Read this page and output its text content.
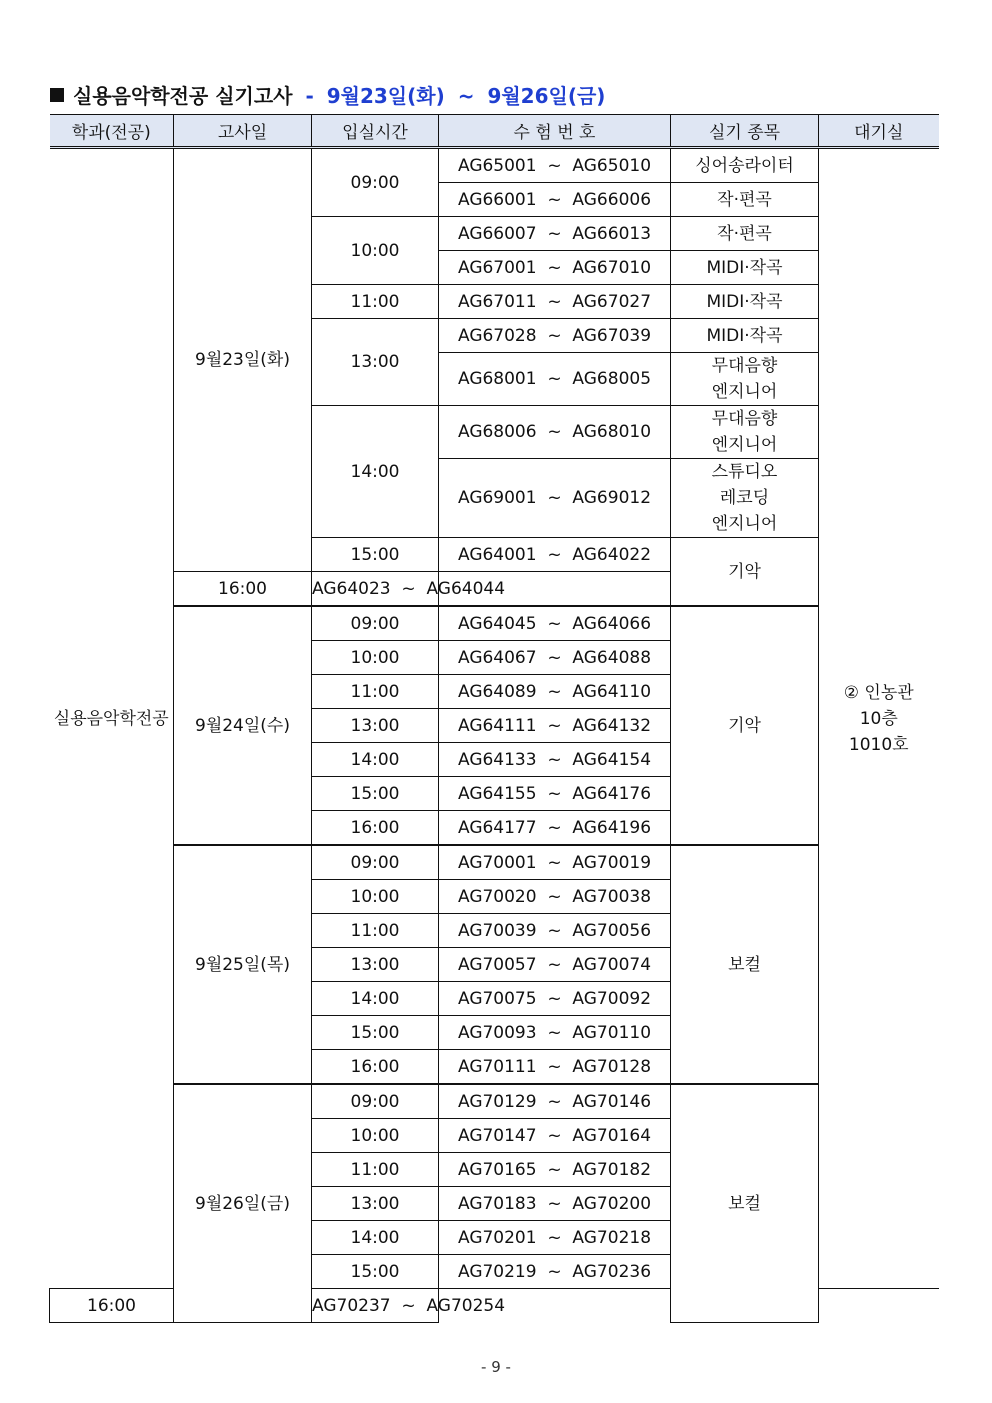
실용음악학전공 실기고사 - 9월23일(화) ~ 9월26일(금)
학과(전공)	고사일	입실시간	수 험 번 호	실기 종목	대기실
실용음악학전공	9월23일(화)	09:00	AG65001  ~  AG65010	싱어송라이터	② 인농관
10층
1010호
			AG66001  ~  AG66006	작·편곡	
		10:00	AG66007  ~  AG66013	작·편곡	
			AG67001  ~  AG67010	MIDI·작곡	
		11:00	AG67011  ~  AG67027	MIDI·작곡	
		13:00	AG67028  ~  AG67039	MIDI·작곡	
			AG68001  ~  AG68005	무대음향
엔지니어	

		14:00	AG68006  ~  AG68010	무대음향
엔지니어	

			AG69001  ~  AG69012	스튜디오
레코딩
엔지니어	

		15:00	AG64001  ~  AG64022	기악	
	16:00	AG64023  ~  AG64044			
	9월24일(수)	09:00	AG64045  ~  AG64066	기악	
		10:00	AG64067  ~  AG64088		
		11:00	AG64089  ~  AG64110		
		13:00	AG64111  ~  AG64132		
		14:00	AG64133  ~  AG64154		
		15:00	AG64155  ~  AG64176		
		16:00	AG64177  ~  AG64196		
	9월25일(목)	09:00	AG70001  ~  AG70019	보컬	
		10:00	AG70020  ~  AG70038		
		11:00	AG70039  ~  AG70056		
		13:00	AG70057  ~  AG70074		
		14:00	AG70075  ~  AG70092		
		15:00	AG70093  ~  AG70110		
		16:00	AG70111  ~  AG70128		
	9월26일(금)	09:00	AG70129  ~  AG70146	보컬	
		10:00	AG70147  ~  AG70164		
		11:00	AG70165  ~  AG70182		
		13:00	AG70183  ~  AG70200		
		14:00	AG70201  ~  AG70218		
		15:00	AG70219  ~  AG70236		
16:00		AG70237  ~  AG70254			
- 9 -
